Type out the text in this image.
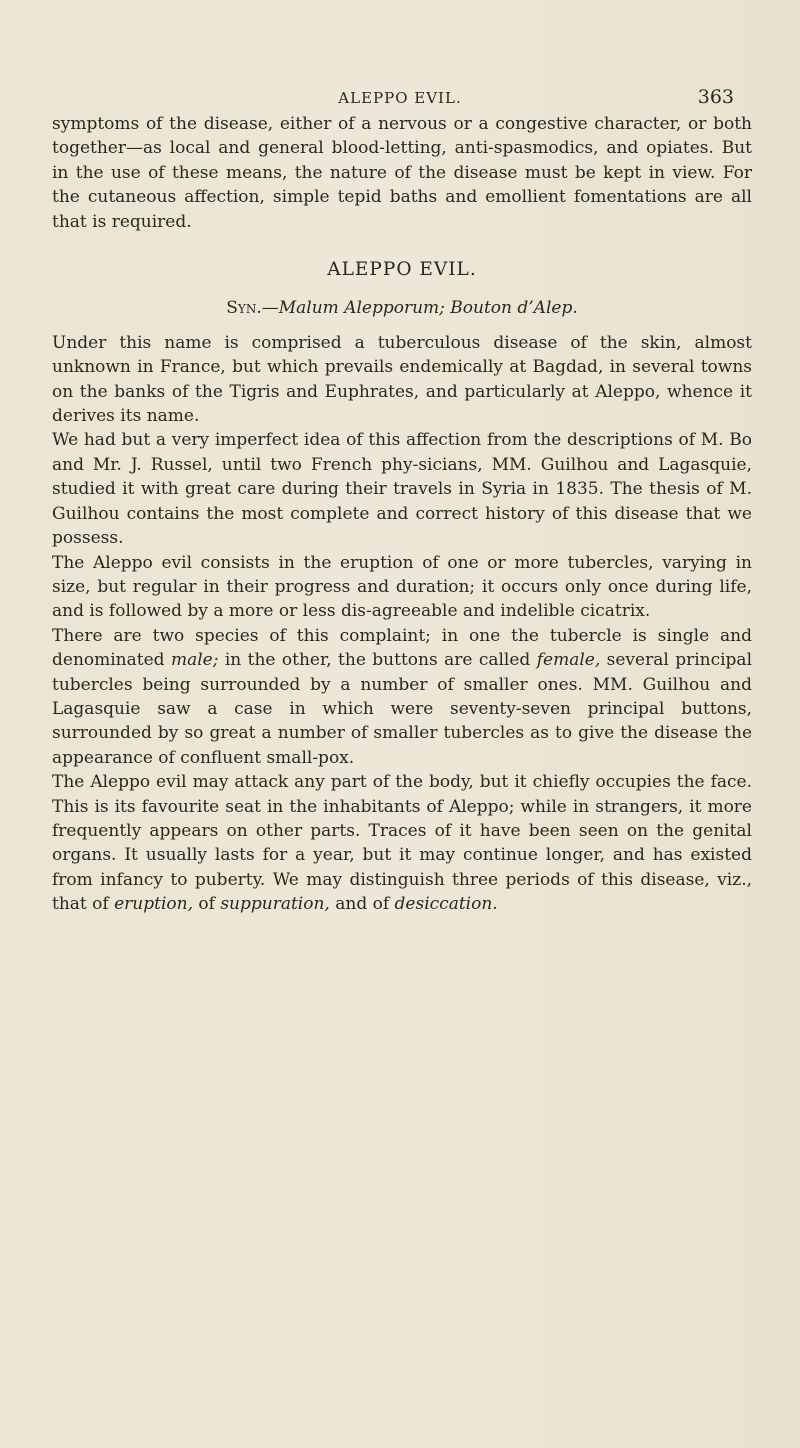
ALEPPO EVIL.	363

symptoms of the disease, either of a nervous or a congestive character, or both together—as local and general blood-letting, anti-spasmodics, and opiates. But in the use of these means, the nature of the disease must be kept in view. For the cutaneous affection, simple tepid baths and emollient fomentations are all that is required.

ALEPPO EVIL.

Syn.—Malum Alepporum; Bouton d’Alep.

Under this name is comprised a tuberculous disease of the skin, almost unknown in France, but which prevails endemically at Bagdad, in several towns on the banks of the Tigris and Euphrates, and particularly at Aleppo, whence it derives its name.

We had but a very imperfect idea of this affection from the descriptions of M. Bo and Mr. J. Russel, until two French phy-sicians, MM. Guilhou and Lagasquie, studied it with great care during their travels in Syria in 1835. The thesis of M. Guilhou contains the most complete and correct history of this disease that we possess.

The Aleppo evil consists in the eruption of one or more tubercles, varying in size, but regular in their progress and duration; it occurs only once during life, and is followed by a more or less dis-agreeable and indelible cicatrix.

There are two species of this complaint; in one the tubercle is single and denominated male; in the other, the buttons are called female, several principal tubercles being surrounded by a number of smaller ones. MM. Guilhou and Lagasquie saw a case in which were seventy-seven principal buttons, surrounded by so great a number of smaller tubercles as to give the disease the appearance of confluent small-pox.

The Aleppo evil may attack any part of the body, but it chiefly occupies the face. This is its favourite seat in the inhabitants of Aleppo; while in strangers, it more frequently appears on other parts. Traces of it have been seen on the genital organs. It usually lasts for a year, but it may continue longer, and has existed from infancy to puberty. We may distinguish three periods of this disease, viz., that of eruption, of suppuration, and of desiccation.
